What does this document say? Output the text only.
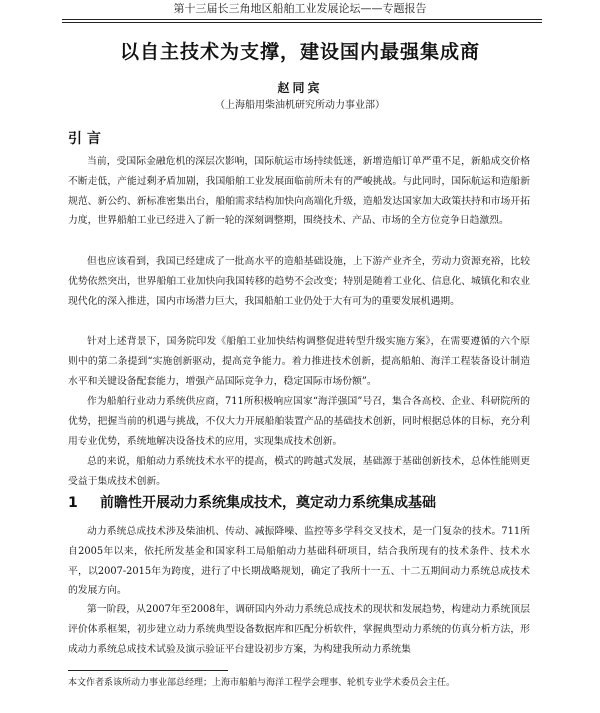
第十三届长三角地区船舶工业发展论坛——专题报告
以自主技术为支撑，建设国内最强集成商
赵同宾
（上海船用柴油机研究所动力事业部）
引 言

当前，受国际金融危机的深层次影响，国际航运市场持续低迷，新增造船订单严重不足，新船成交价格不断走低，产能过剩矛盾加剧，我国船舶工业发展面临前所未有的严峻挑战。与此同时，国际航运和造船新规范、新公约、新标准密集出台，船舶需求结构加快向高端化升级，造船发达国家加大政策扶持和市场开拓力度，世界船舶工业已经进入了新一轮的深刻调整期，围绕技术、产品、市场的全方位竞争日趋激烈。

但也应该看到，我国已经建成了一批高水平的造船基础设施，上下游产业齐全，劳动力资源充裕，比较优势依然突出，世界船舶工业加快向我国转移的趋势不会改变；特别是随着工业化、信息化、城镇化和农业现代化的深入推进，国内市场潜力巨大，我国船舶工业仍处于大有可为的重要发展机遇期。

针对上述背景下，国务院印发《船舶工业加快结构调整促进转型升级实施方案》，在需要遵循的六个原则中的第二条提到“实施创新驱动，提高竞争能力。着力推进技术创新，提高船舶、海洋工程装备设计制造水平和关键设备配套能力，增强产品国际竞争力，稳定国际市场份额”。

作为船舶行业动力系统供应商，711所积极响应国家“海洋强国”号召，集合各高校、企业、科研院所的优势，把握当前的机遇与挑战，不仅大力开展船舶装置产品的基础技术创新，同时根据总体的目标，充分利用专业优势，系统地解决设备技术的应用，实现集成技术创新。

总的来说，船舶动力系统技术水平的提高，模式的跨越式发展，基础源于基础创新技术，总体性能则更受益于集成技术创新。

1 前瞻性开展动力系统集成技术，奠定动力系统集成基础

动力系统总成技术涉及柴油机、传动、减振降噪、监控等多学科交叉技术，是一门复杂的技术。711所自2005年以来，依托所发基金和国家科工局船舶动力基础科研项目，结合我所现有的技术条件、技术水平，以2007-2015年为跨度，进行了中长期战略规划，确定了我所十一五、十二五期间动力系统总成技术的发展方向。

第一阶段，从2007年至2008年，调研国内外动力系统总成技术的现状和发展趋势，构建动力系统顶层评价体系框架，初步建立动力系统典型设备数据库和匹配分析软件，掌握典型动力系统的仿真分析方法，形成动力系统总成技术试验及演示验证平台建设初步方案，为构建我所动力系统集

本文作者系该所动力事业部总经理；上海市船舶与海洋工程学会理事、轮机专业学术委员会主任。
